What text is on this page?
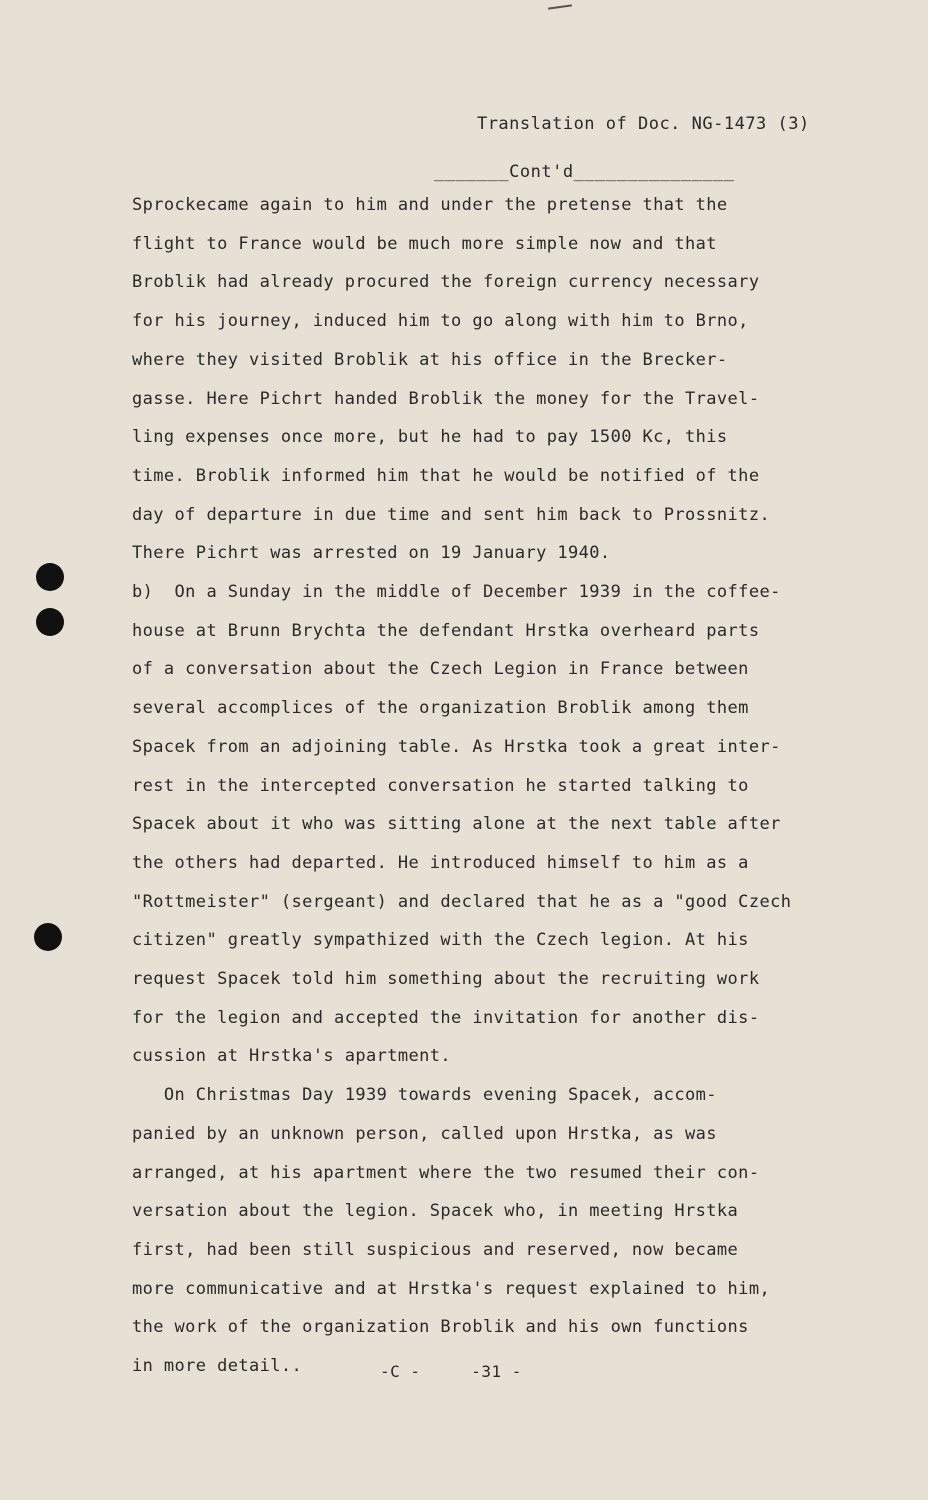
Translation of Doc. NG-1473 (3)

_______Cont'd_______________

Sprockecame again to him and under the pretense that the

flight to France would be much more simple now and that

Broblik had already procured the foreign currency necessary

for his journey, induced him to go along with him to Brno,

where they visited Broblik at his office in the Brecker-

gasse. Here Pichrt handed Broblik the money for the Travel-

ling expenses once more, but he had to pay 1500 Kc, this

time. Broblik informed him that he would be notified of the

day of departure in due time and sent him back to Prossnitz.

There Pichrt was arrested on 19 January 1940.

b)  On a Sunday in the middle of December 1939 in the coffee-

house at Brunn Brychta the defendant Hrstka overheard parts

of a conversation about the Czech Legion in France between

several accomplices of the organization Broblik among them

Spacek from an adjoining table. As Hrstka took a great inter-

rest in the intercepted conversation he started talking to

Spacek about it who was sitting alone at the next table after

the others had departed. He introduced himself to him as a

"Rottmeister" (sergeant) and declared that he as a "good Czech

citizen" greatly sympathized with the Czech legion. At his

request Spacek told him something about the recruiting work

for the legion and accepted the invitation for another dis-

cussion at Hrstka's apartment.

On Christmas Day 1939 towards evening Spacek, accom-

panied by an unknown person, called upon Hrstka, as was

arranged, at his apartment where the two resumed their con-

versation about the legion. Spacek who, in meeting Hrstka

first, had been still suspicious and reserved, now became

more communicative and at Hrstka's request explained to him,

the work of the organization Broblik and his own functions

in more detail..	-C -     -31 -
